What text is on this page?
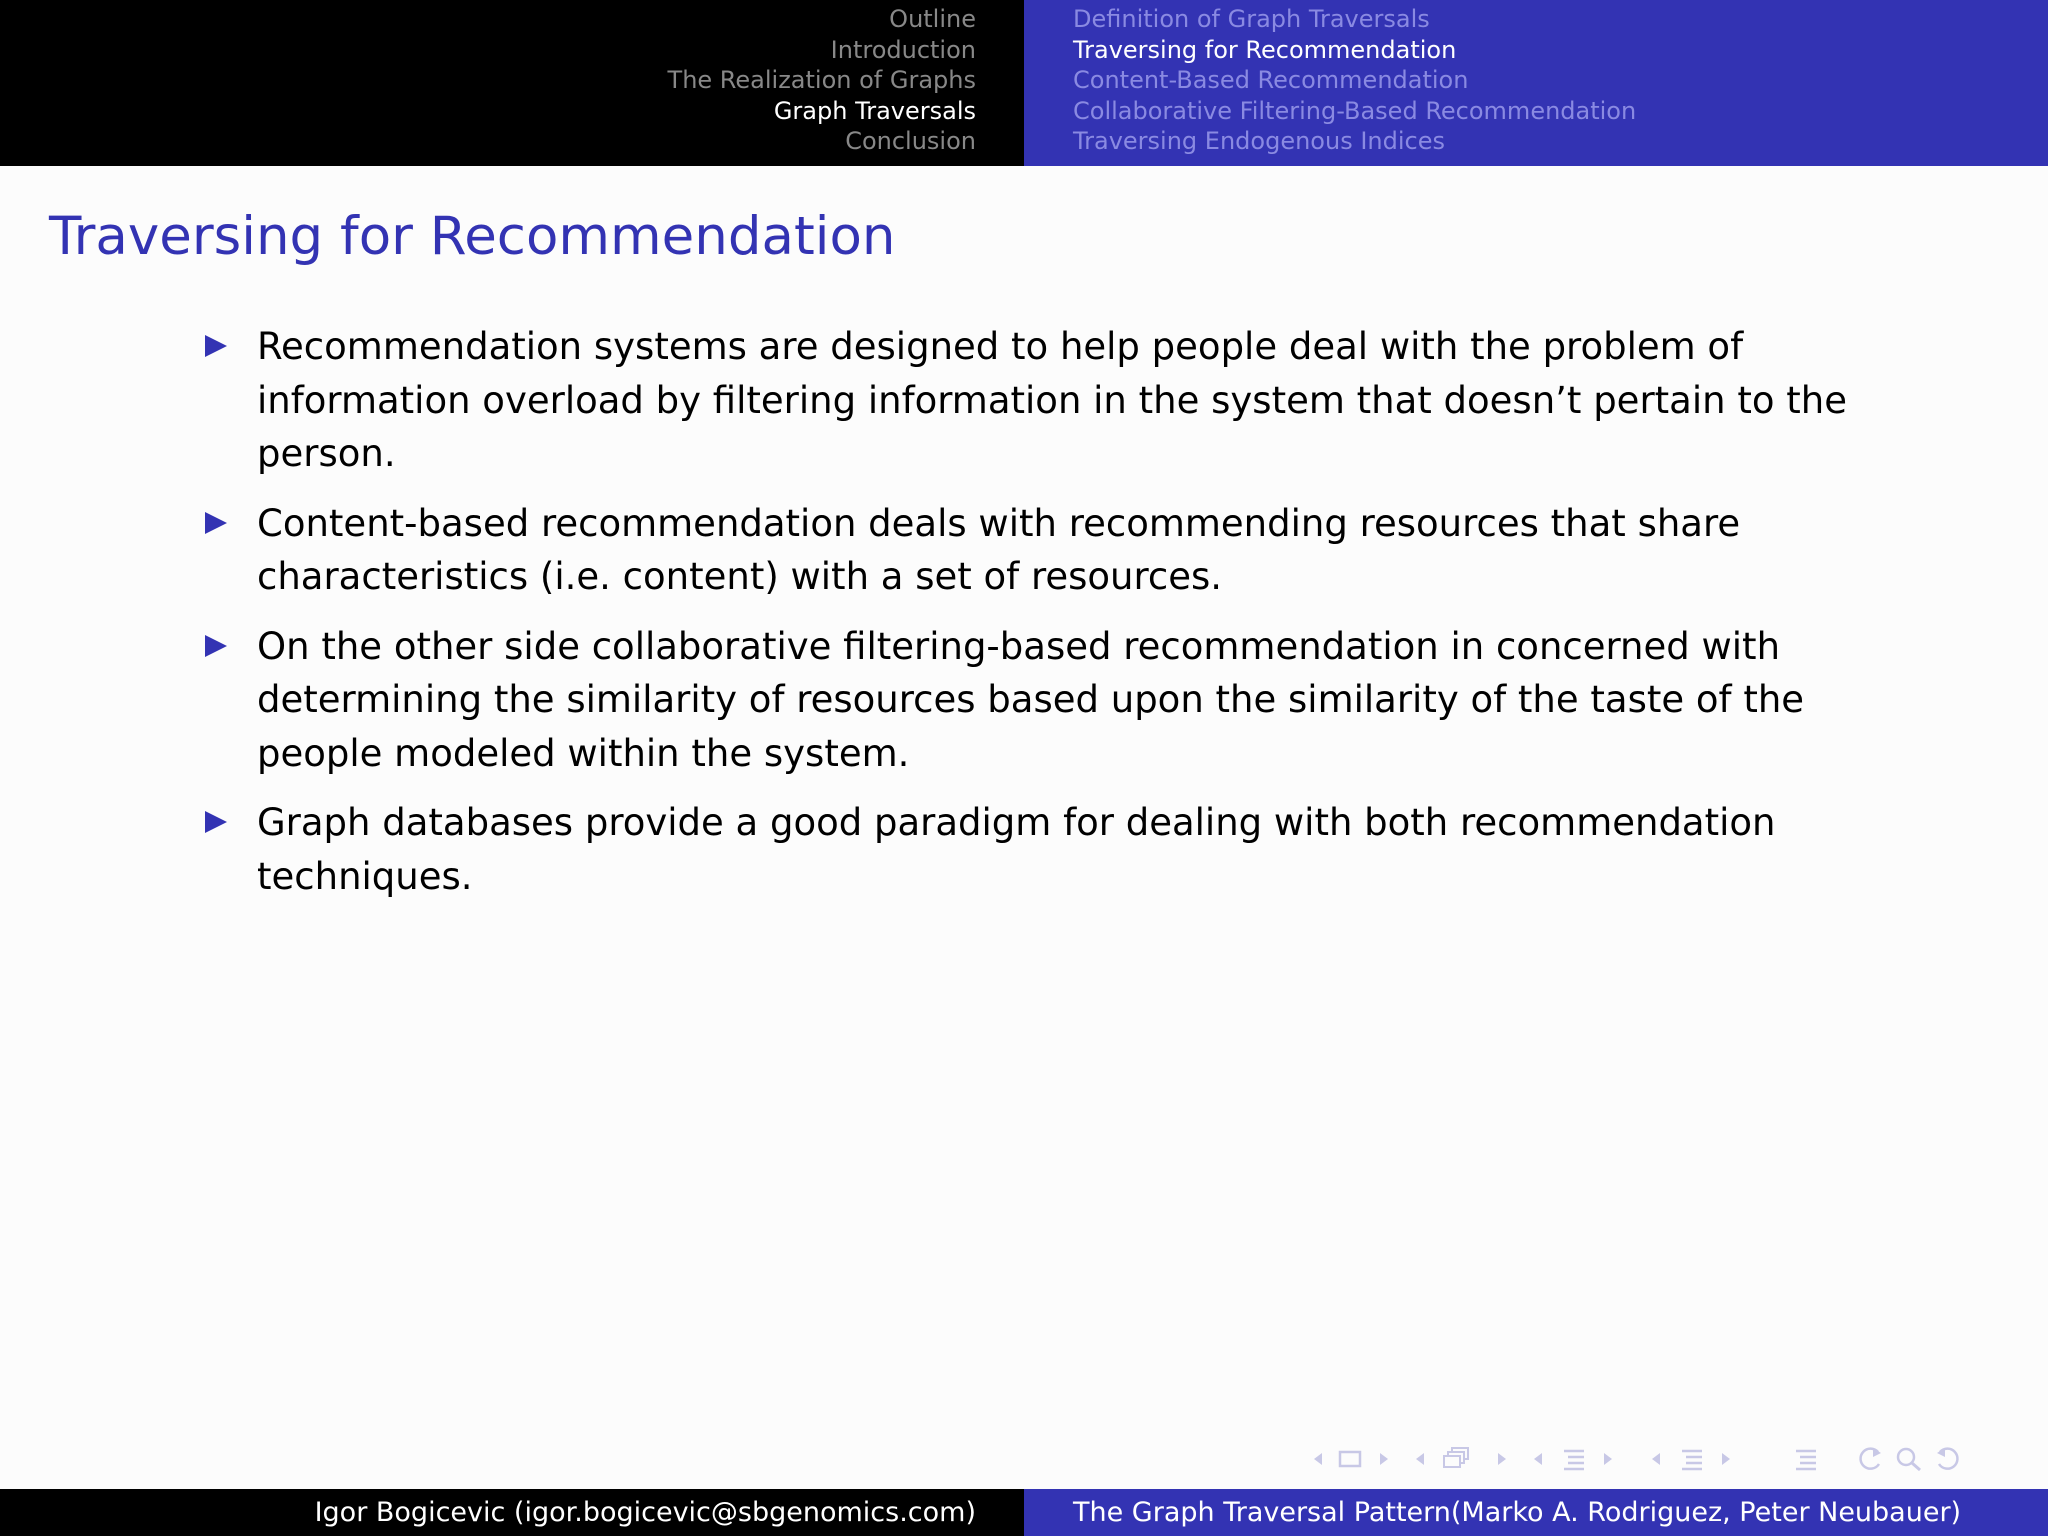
Outline
Introduction
The Realization of Graphs
Graph Traversals
Conclusion
Definition of Graph Traversals
Traversing for Recommendation
Content-Based Recommendation
Collaborative Filtering-Based Recommendation
Traversing Endogenous Indices
Traversing for Recommendation
Recommendation systems are designed to help people deal with the problem of information overload by filtering information in the system that doesn’t pertain to the person.
Content-based recommendation deals with recommending resources that share characteristics (i.e. content) with a set of resources.
On the other side collaborative filtering-based recommendation in concerned with determining the similarity of resources based upon the similarity of the taste of the people modeled within the system.
Graph databases provide a good paradigm for dealing with both recommendation techniques.
Igor Bogicevic (igor.bogicevic@sbgenomics.com)	The Graph Traversal Pattern(Marko A. Rodriguez, Peter Neubauer)
